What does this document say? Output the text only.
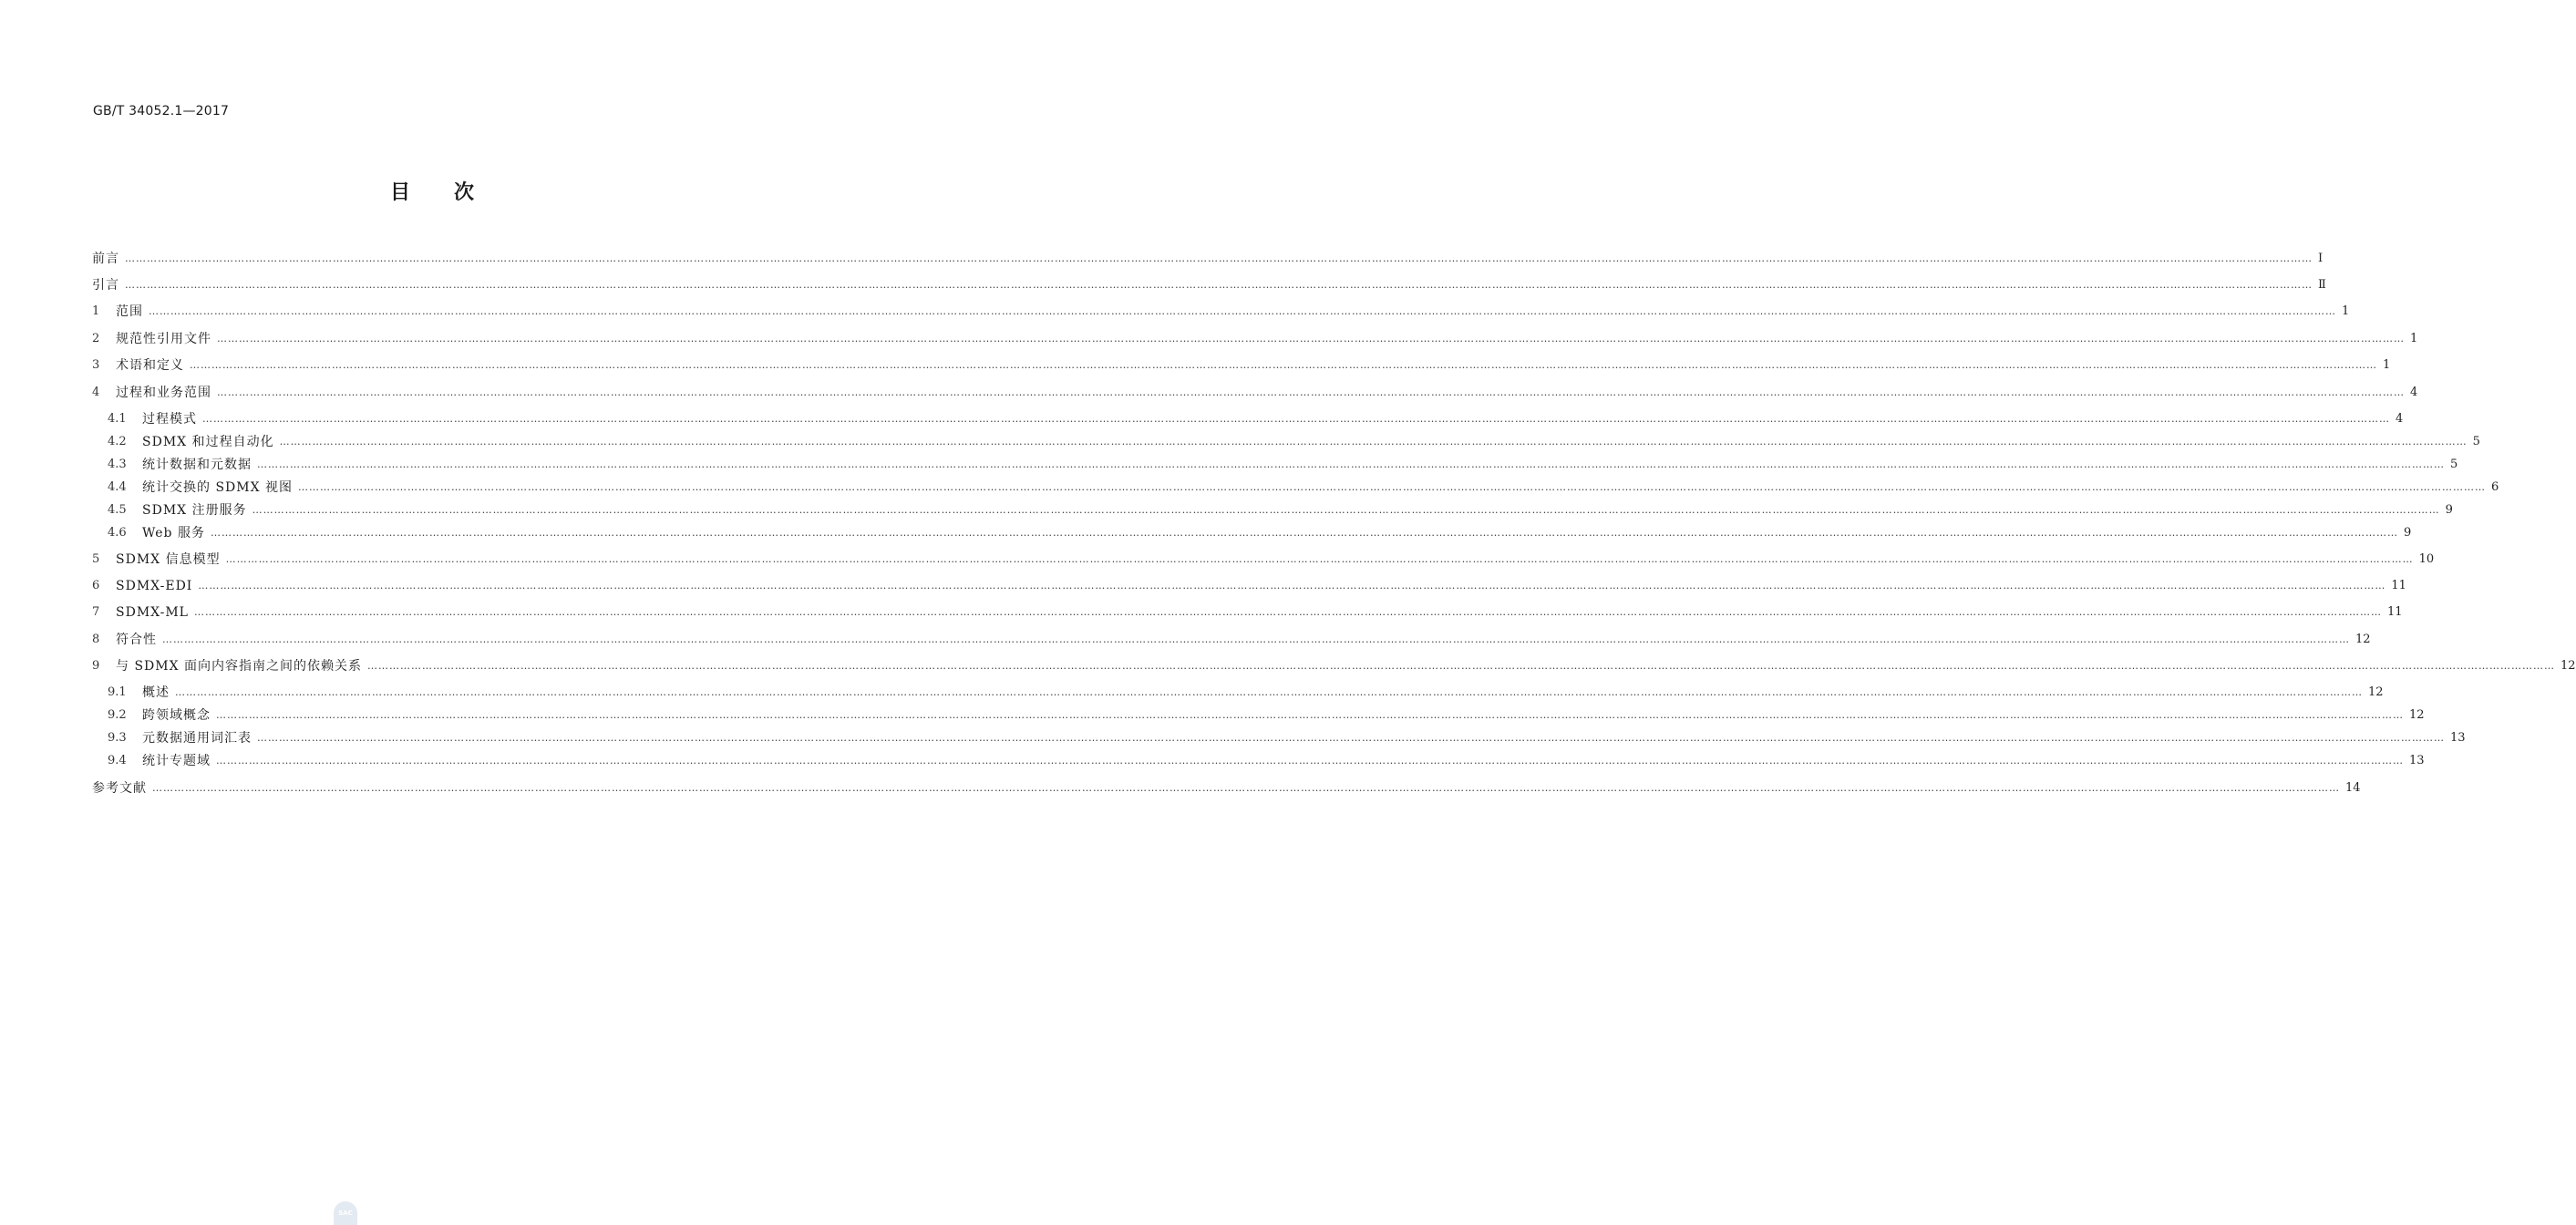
GB/T 34052.1—2017
目 次
前言 …………………………………………………………………………………………………………………………………………………………………………………………………………………………………………………………………………………………………………………………………………………………………………………………………………………………………………………………………………………………………………………………………………………… Ⅰ
引言 …………………………………………………………………………………………………………………………………………………………………………………………………………………………………………………………………………………………………………………………………………………………………………………………………………………………………………………………………………………………………………………………………………………… Ⅱ
1	范围 …………………………………………………………………………………………………………………………………………………………………………………………………………………………………………………………………………………………………………………………………………………………………………………………………………………………………………………………………………………………………………………………………………………… 1
2	规范性引用文件 …………………………………………………………………………………………………………………………………………………………………………………………………………………………………………………………………………………………………………………………………………………………………………………………………………………………………………………………………………………………………………………………………………………… 1
3	术语和定义 …………………………………………………………………………………………………………………………………………………………………………………………………………………………………………………………………………………………………………………………………………………………………………………………………………………………………………………………………………………………………………………………………………………… 1
4	过程和业务范围 …………………………………………………………………………………………………………………………………………………………………………………………………………………………………………………………………………………………………………………………………………………………………………………………………………………………………………………………………………………………………………………………………………………… 4
4.1	过程模式 …………………………………………………………………………………………………………………………………………………………………………………………………………………………………………………………………………………………………………………………………………………………………………………………………………………………………………………………………………………………………………………………………………………… 4
4.2	SDMX 和过程自动化 …………………………………………………………………………………………………………………………………………………………………………………………………………………………………………………………………………………………………………………………………………………………………………………………………………………………………………………………………………………………………………………………………………………… 5
4.3	统计数据和元数据 …………………………………………………………………………………………………………………………………………………………………………………………………………………………………………………………………………………………………………………………………………………………………………………………………………………………………………………………………………………………………………………………………………………… 5
4.4	统计交换的 SDMX 视图 …………………………………………………………………………………………………………………………………………………………………………………………………………………………………………………………………………………………………………………………………………………………………………………………………………………………………………………………………………………………………………………………………………………… 6
4.5	SDMX 注册服务 …………………………………………………………………………………………………………………………………………………………………………………………………………………………………………………………………………………………………………………………………………………………………………………………………………………………………………………………………………………………………………………………………………………… 9
4.6	Web 服务 …………………………………………………………………………………………………………………………………………………………………………………………………………………………………………………………………………………………………………………………………………………………………………………………………………………………………………………………………………………………………………………………………………………… 9
5	SDMX 信息模型 …………………………………………………………………………………………………………………………………………………………………………………………………………………………………………………………………………………………………………………………………………………………………………………………………………………………………………………………………………………………………………………………………………………… 10
6	SDMX-EDI …………………………………………………………………………………………………………………………………………………………………………………………………………………………………………………………………………………………………………………………………………………………………………………………………………………………………………………………………………………………………………………………………………………… 11
7	SDMX-ML …………………………………………………………………………………………………………………………………………………………………………………………………………………………………………………………………………………………………………………………………………………………………………………………………………………………………………………………………………………………………………………………………………………… 11
8	符合性 …………………………………………………………………………………………………………………………………………………………………………………………………………………………………………………………………………………………………………………………………………………………………………………………………………………………………………………………………………………………………………………………………………………… 12
9	与 SDMX 面向内容指南之间的依赖关系 …………………………………………………………………………………………………………………………………………………………………………………………………………………………………………………………………………………………………………………………………………………………………………………………………………………………………………………………………………………………………………………………………………………… 12
9.1	概述 …………………………………………………………………………………………………………………………………………………………………………………………………………………………………………………………………………………………………………………………………………………………………………………………………………………………………………………………………………………………………………………………………………………… 12
9.2	跨领域概念 …………………………………………………………………………………………………………………………………………………………………………………………………………………………………………………………………………………………………………………………………………………………………………………………………………………………………………………………………………………………………………………………………………………… 12
9.3	元数据通用词汇表 …………………………………………………………………………………………………………………………………………………………………………………………………………………………………………………………………………………………………………………………………………………………………………………………………………………………………………………………………………………………………………………………………………………… 13
9.4	统计专题域 …………………………………………………………………………………………………………………………………………………………………………………………………………………………………………………………………………………………………………………………………………………………………………………………………………………………………………………………………………………………………………………………………………………… 13
参考文献 …………………………………………………………………………………………………………………………………………………………………………………………………………………………………………………………………………………………………………………………………………………………………………………………………………………………………………………………………………………………………………………………………………………… 14
SAC
